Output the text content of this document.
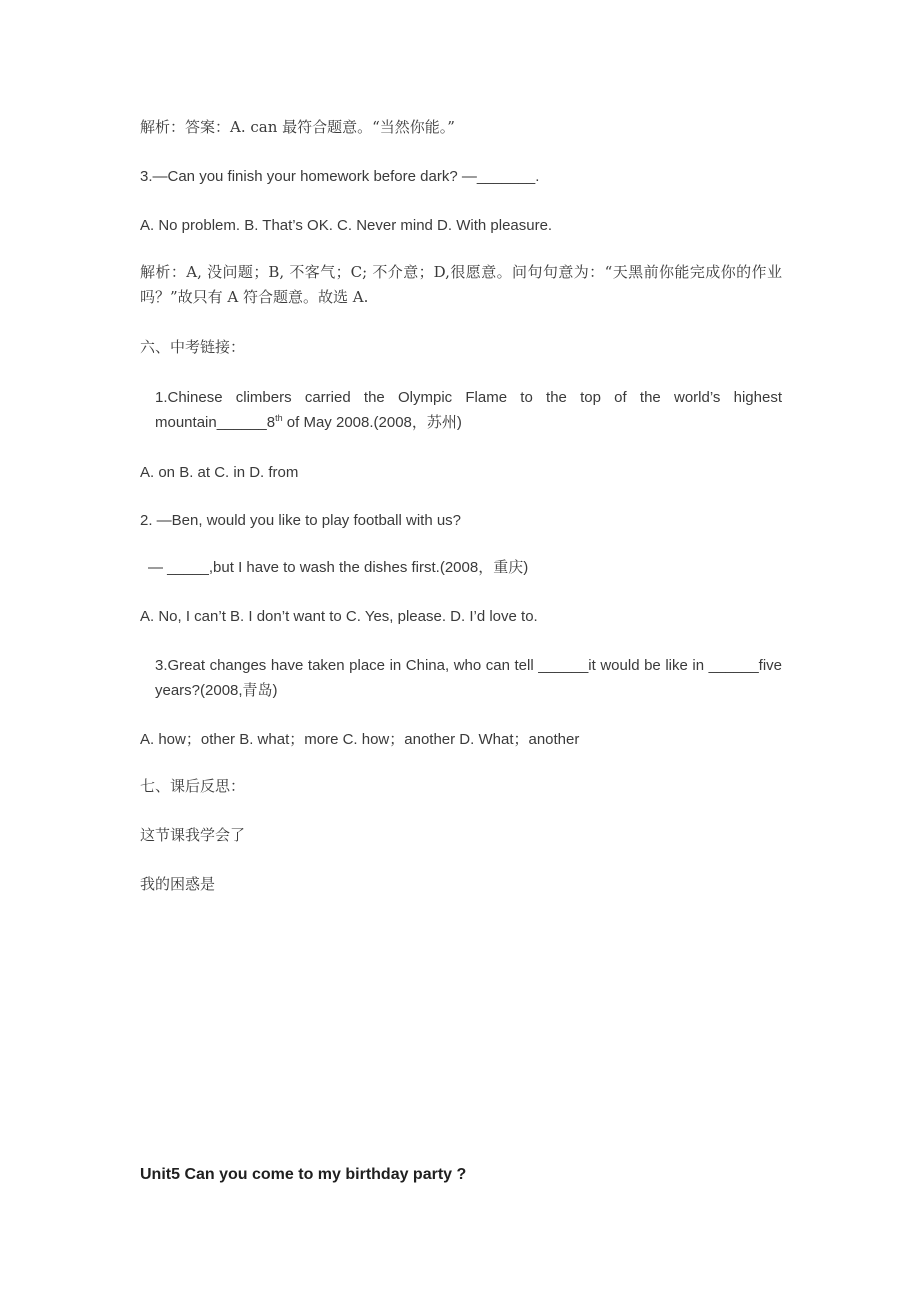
解析：答案：A. can 最符合题意。“当然你能。”

3.—Can you finish your homework before dark? —_______.

A. No problem. B. That’s OK. C. Never mind D. With pleasure.

解析：A, 没问题；B, 不客气；C; 不介意；D,很愿意。问句句意为：“天黑前你能完成你的作业吗？”故只有 A 符合题意。故选 A.

六、中考链接：

1.Chinese climbers carried the Olympic Flame to the top of the world’s highest mountain______8th of May 2008.(2008，苏州)

A. on B. at C. in D. from

2. —Ben, would you like to play football with us?

— _____,but I have to wash the dishes first.(2008，重庆)

A. No, I can’t B. I don’t want to C. Yes, please. D. I’d love to.

3.Great changes have taken place in China, who can tell ______it would be like in ______five years?(2008,青岛)

A. how；other B. what；more C. how；another D. What；another

七、课后反思：

这节课我学会了

我的困惑是

Unit5 Can you come to my birthday party ?
